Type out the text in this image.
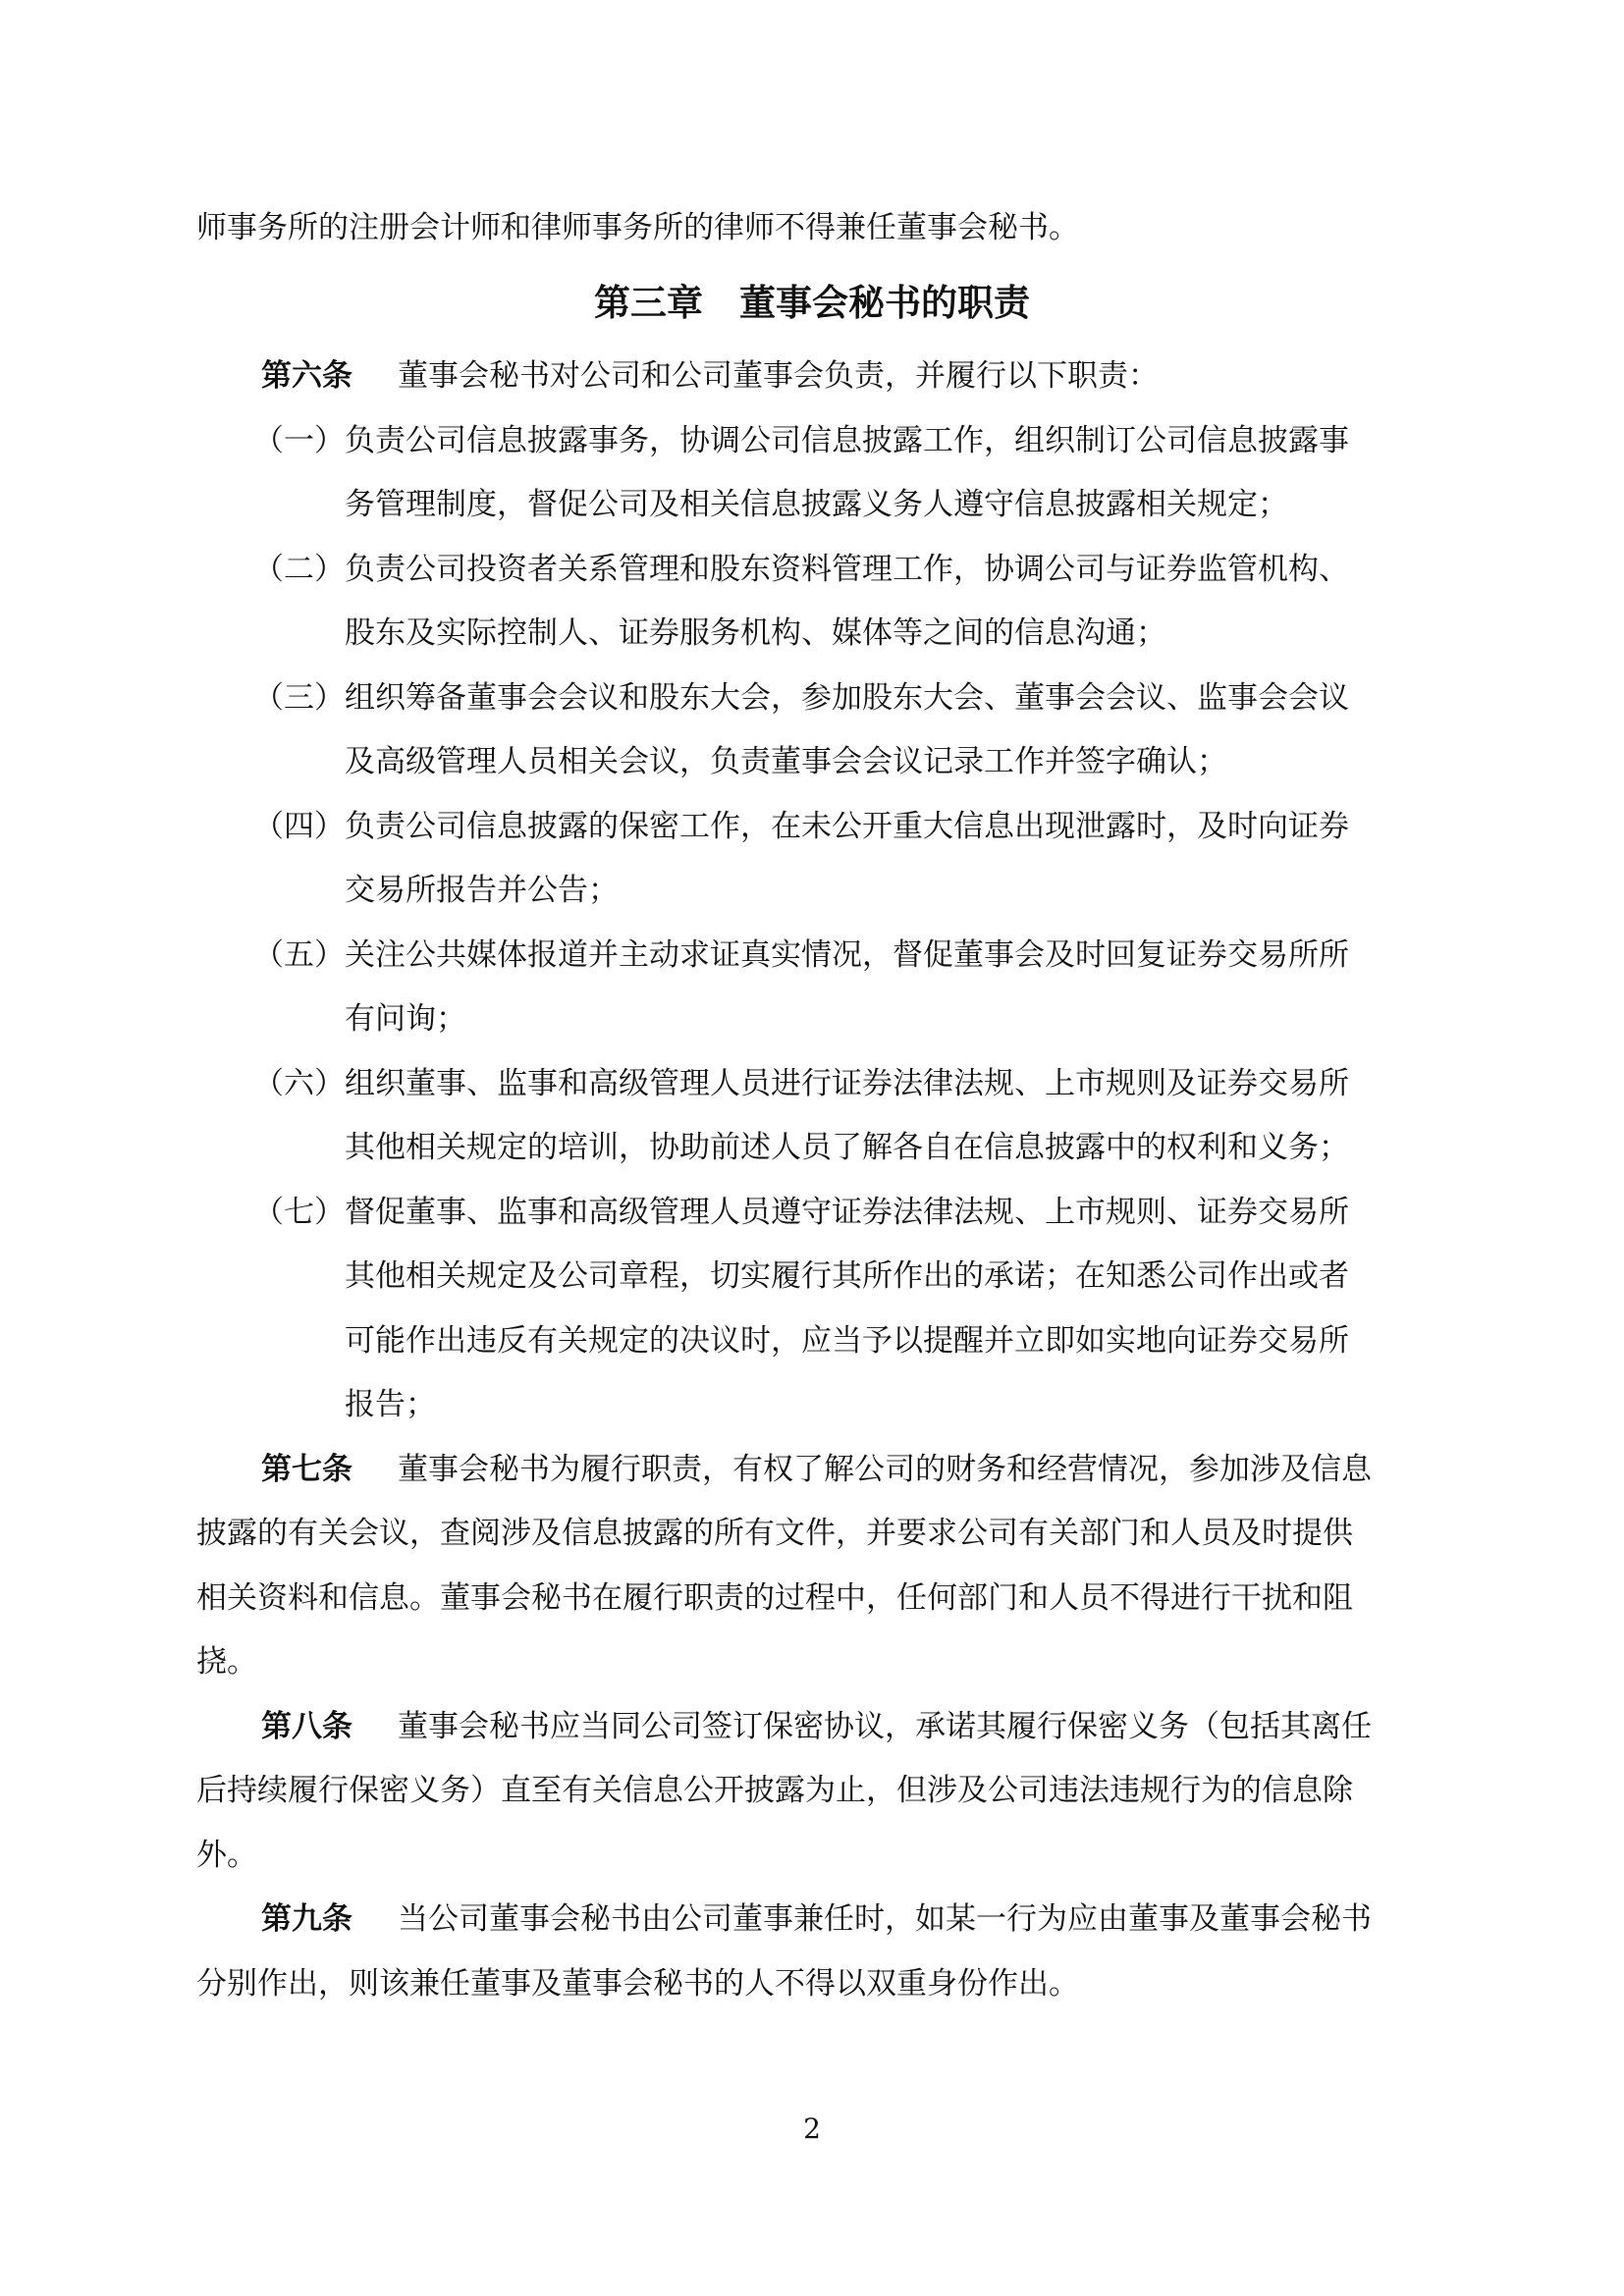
师事务所的注册会计师和律师事务所的律师不得兼任董事会秘书。
第三章　董事会秘书的职责
第六条 董事会秘书对公司和公司董事会负责，并履行以下职责：
（一）负责公司信息披露事务，协调公司信息披露工作，组织制订公司信息披露事
务管理制度，督促公司及相关信息披露义务人遵守信息披露相关规定；
（二）负责公司投资者关系管理和股东资料管理工作，协调公司与证券监管机构、
股东及实际控制人、证券服务机构、媒体等之间的信息沟通；
（三）组织筹备董事会会议和股东大会，参加股东大会、董事会会议、监事会会议
及高级管理人员相关会议，负责董事会会议记录工作并签字确认；
（四）负责公司信息披露的保密工作，在未公开重大信息出现泄露时，及时向证券
交易所报告并公告；
（五）关注公共媒体报道并主动求证真实情况，督促董事会及时回复证券交易所所
有问询；
（六）组织董事、监事和高级管理人员进行证券法律法规、上市规则及证券交易所
其他相关规定的培训，协助前述人员了解各自在信息披露中的权利和义务；
（七）督促董事、监事和高级管理人员遵守证券法律法规、上市规则、证券交易所
其他相关规定及公司章程，切实履行其所作出的承诺；在知悉公司作出或者
可能作出违反有关规定的决议时，应当予以提醒并立即如实地向证券交易所
报告；
第七条 董事会秘书为履行职责，有权了解公司的财务和经营情况，参加涉及信息
披露的有关会议，查阅涉及信息披露的所有文件，并要求公司有关部门和人员及时提供
相关资料和信息。董事会秘书在履行职责的过程中，任何部门和人员不得进行干扰和阻
挠。
第八条 董事会秘书应当同公司签订保密协议，承诺其履行保密义务（包括其离任
后持续履行保密义务）直至有关信息公开披露为止，但涉及公司违法违规行为的信息除
外。
第九条 当公司董事会秘书由公司董事兼任时，如某一行为应由董事及董事会秘书
分别作出，则该兼任董事及董事会秘书的人不得以双重身份作出。
2
